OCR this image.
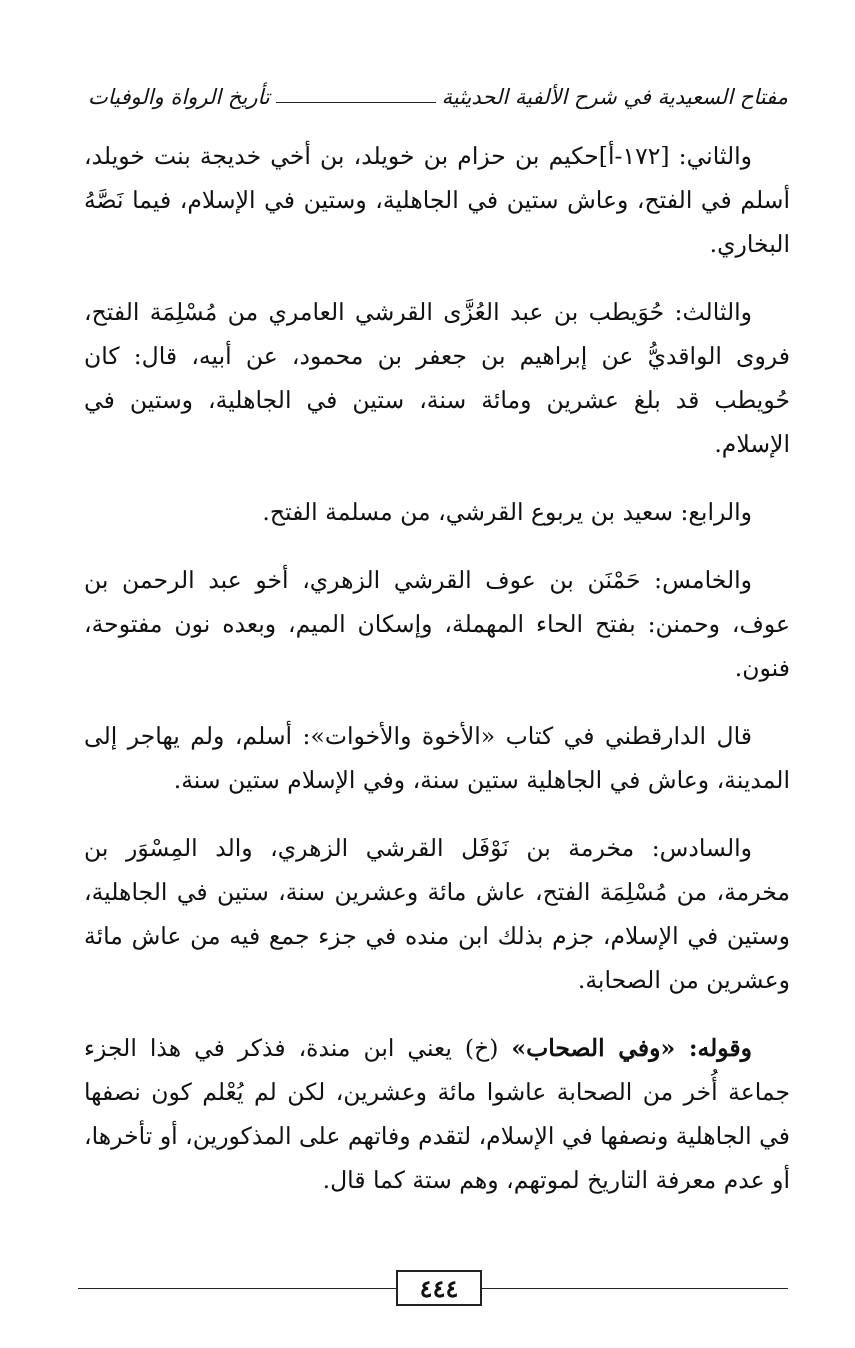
مفتاح السعيدية في شرح الألفية الحديثية
تأريخ الرواة والوفيات

والثاني: [١٧٢-أ]حكيم بن حزام بن خويلد، بن أخي خديجة بنت خويلد، أسلم في الفتح، وعاش ستين في الجاهلية، وستين في الإسلام، فيما نَصَّهُ البخاري.

والثالث: حُوَيطب بن عبد العُزَّى القرشي العامري من مُسْلِمَة الفتح، فروى الواقديُّ عن إبراهيم بن جعفر بن محمود، عن أبيه، قال: كان حُويطب قد بلغ عشرين ومائة سنة، ستين في الجاهلية، وستين في الإسلام.

والرابع: سعيد بن يربوع القرشي، من مسلمة الفتح.

والخامس: حَمْنَن بن عوف القرشي الزهري، أخو عبد الرحمن بن عوف، وحمنن: بفتح الحاء المهملة، وإسكان الميم، وبعده نون مفتوحة، فنون.

قال الدارقطني في كتاب «الأخوة والأخوات»: أسلم، ولم يهاجر إلى المدينة، وعاش في الجاهلية ستين سنة، وفي الإسلام ستين سنة.

والسادس: مخرمة بن نَوْفَل القرشي الزهري، والد المِسْوَر بن مخرمة، من مُسْلِمَة الفتح، عاش مائة وعشرين سنة، ستين في الجاهلية، وستين في الإسلام، جزم بذلك ابن منده في جزء جمع فيه من عاش مائة وعشرين من الصحابة.

وقوله: «وفي الصحاب» (خ) يعني ابن مندة، فذكر في هذا الجزء جماعة أُخر من الصحابة عاشوا مائة وعشرين، لكن لم يُعْلم كون نصفها في الجاهلية ونصفها في الإسلام، لتقدم وفاتهم على المذكورين، أو تأخرها، أو عدم معرفة التاريخ لموتهم، وهم ستة كما قال.

٤٤٤
